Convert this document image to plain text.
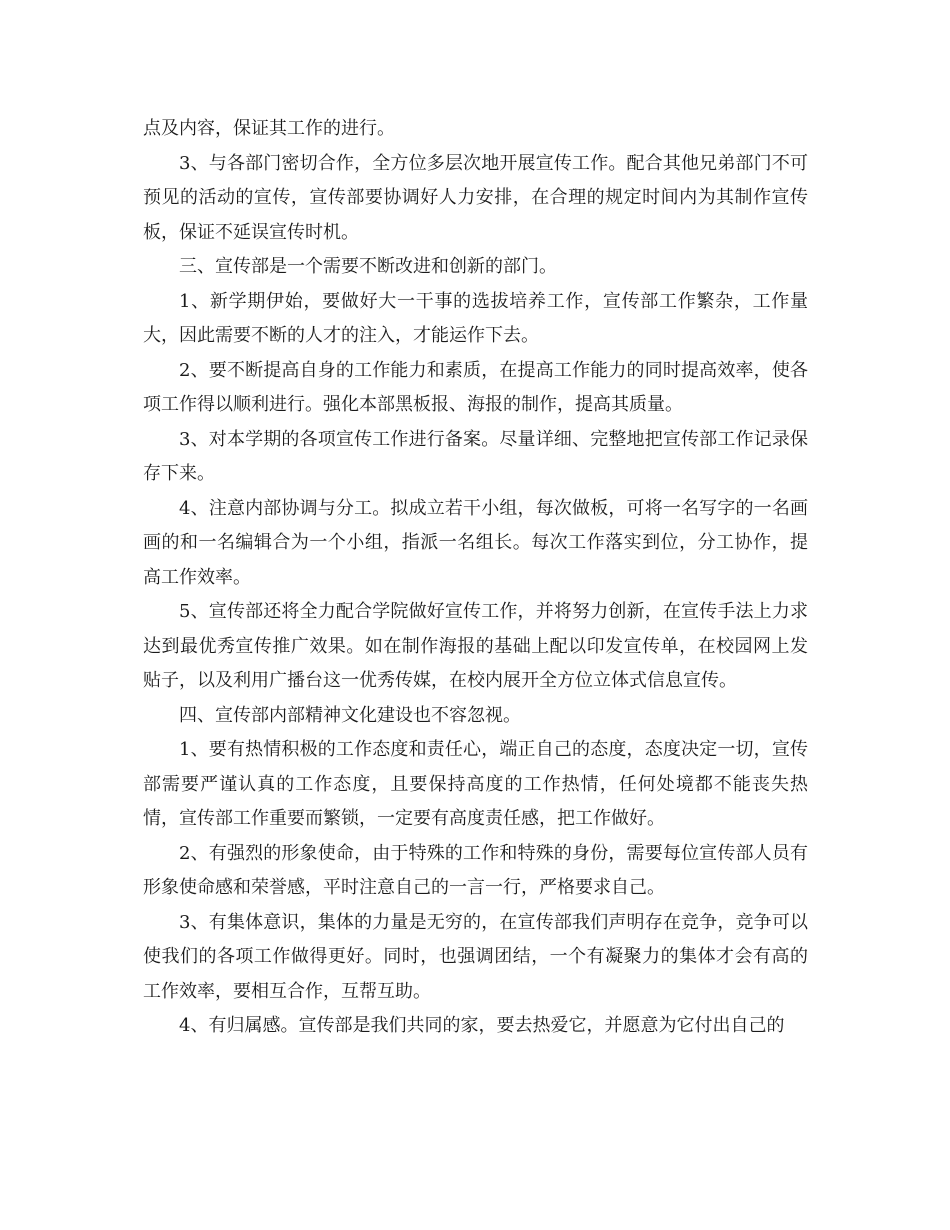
点及内容，保证其工作的进行。

3、与各部门密切合作，全方位多层次地开展宣传工作。配合其他兄弟部门不可预见的活动的宣传，宣传部要协调好人力安排，在合理的规定时间内为其制作宣传板，保证不延误宣传时机。

三、宣传部是一个需要不断改进和创新的部门。

1、新学期伊始，要做好大一干事的选拔培养工作，宣传部工作繁杂，工作量大，因此需要不断的人才的注入，才能运作下去。

2、要不断提高自身的工作能力和素质，在提高工作能力的同时提高效率，使各项工作得以顺利进行。强化本部黑板报、海报的制作，提高其质量。

3、对本学期的各项宣传工作进行备案。尽量详细、完整地把宣传部工作记录保存下来。

4、注意内部协调与分工。拟成立若干小组，每次做板，可将一名写字的一名画画的和一名编辑合为一个小组，指派一名组长。每次工作落实到位，分工协作，提高工作效率。

5、宣传部还将全力配合学院做好宣传工作，并将努力创新，在宣传手法上力求达到最优秀宣传推广效果。如在制作海报的基础上配以印发宣传单，在校园网上发贴子，以及利用广播台这一优秀传媒，在校内展开全方位立体式信息宣传。

四、宣传部内部精神文化建设也不容忽视。

1、要有热情积极的工作态度和责任心，端正自己的态度，态度决定一切，宣传部需要严谨认真的工作态度，且要保持高度的工作热情，任何处境都不能丧失热情，宣传部工作重要而繁锁，一定要有高度责任感，把工作做好。

2、有强烈的形象使命，由于特殊的工作和特殊的身份，需要每位宣传部人员有形象使命感和荣誉感，平时注意自己的一言一行，严格要求自己。

3、有集体意识，集体的力量是无穷的，在宣传部我们声明存在竞争，竞争可以使我们的各项工作做得更好。同时，也强调团结，一个有凝聚力的集体才会有高的工作效率，要相互合作，互帮互助。

4、有归属感。宣传部是我们共同的家，要去热爱它，并愿意为它付出自己的
